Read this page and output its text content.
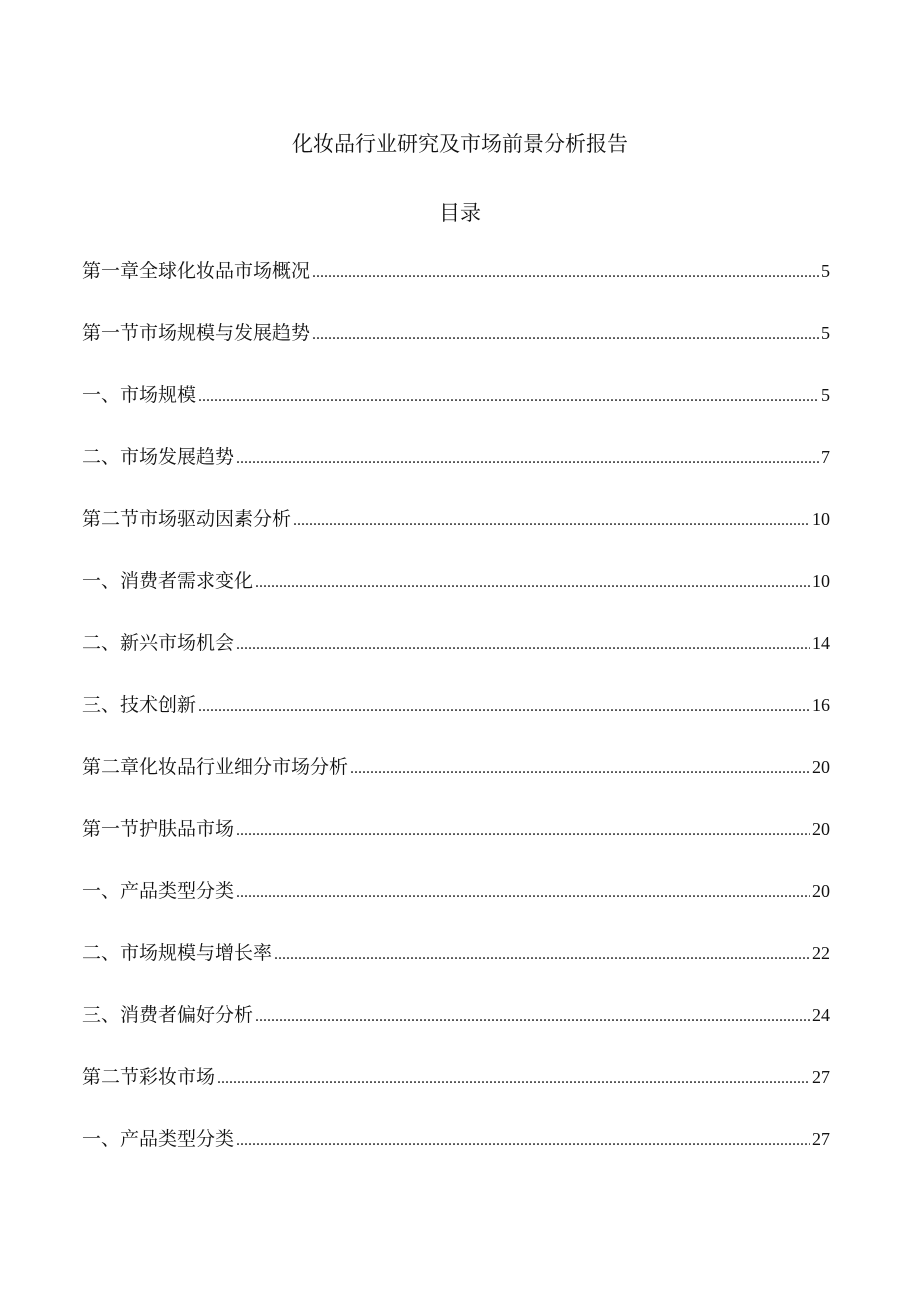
化妆品行业研究及市场前景分析报告
目录
第一章全球化妆品市场概况 .....	5
第一节市场规模与发展趋势 .....	5
一、市场规模 .....	5
二、市场发展趋势 .....	7
第二节市场驱动因素分析 .....	10
一、消费者需求变化 .....	10
二、新兴市场机会 .....	14
三、技术创新 .....	16
第二章化妆品行业细分市场分析 .....	20
第一节护肤品市场 .....	20
一、产品类型分类 .....	20
二、市场规模与增长率 .....	22
三、消费者偏好分析 .....	24
第二节彩妆市场 .....	27
一、产品类型分类 .....	27
